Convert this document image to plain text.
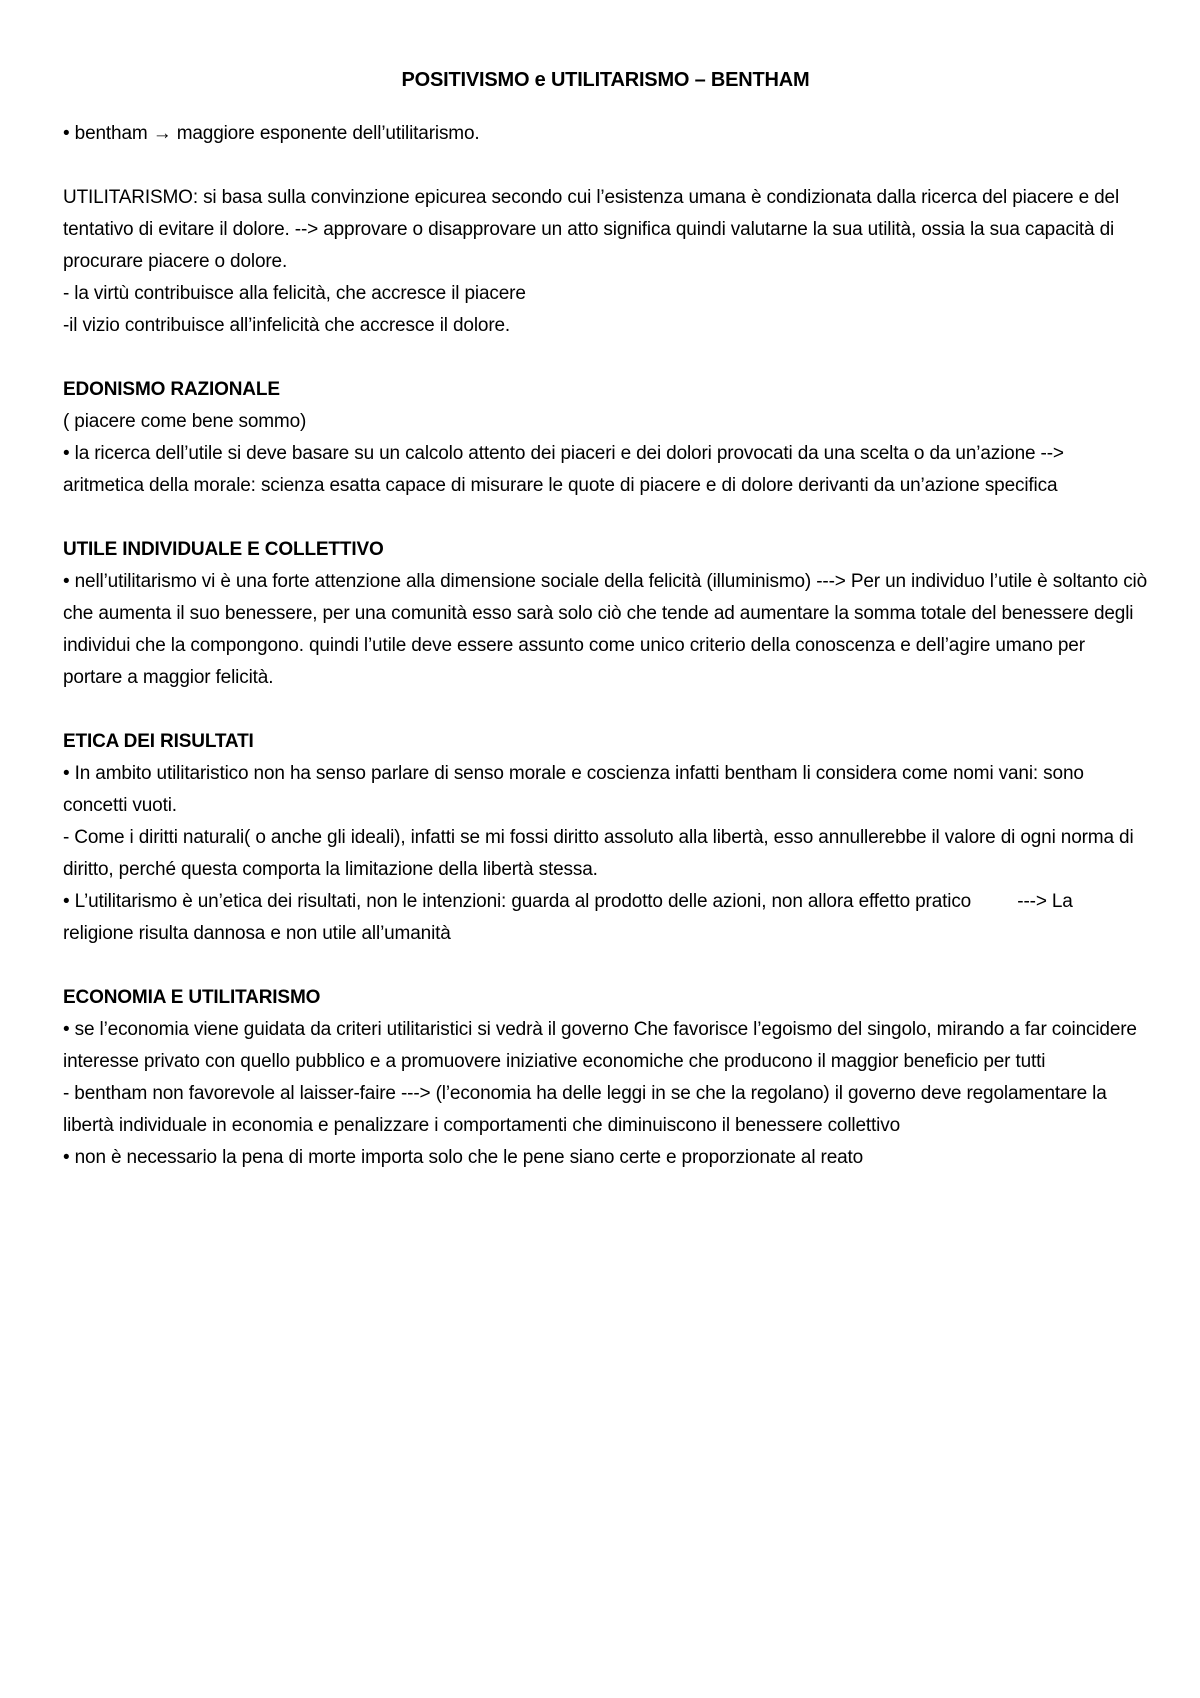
POSITIVISMO e UTILITARISMO – BENTHAM

• bentham → maggiore esponente dell’utilitarismo.

UTILITARISMO: si basa sulla convinzione epicurea secondo cui l’esistenza umana è condizionata dalla ricerca del piacere e del tentativo di evitare il dolore. --> approvare o disapprovare un atto significa quindi valutarne la sua utilità, ossia la sua capacità di procurare piacere o dolore.

- la virtù contribuisce alla felicità, che accresce il piacere

-il vizio contribuisce all’infelicità che accresce il dolore.

EDONISMO RAZIONALE

( piacere come bene sommo)

• la ricerca dell’utile si deve basare su un calcolo attento dei piaceri e dei dolori provocati da una scelta o da un’azione --> aritmetica della morale: scienza esatta capace di misurare le quote di piacere e di dolore derivanti da un’azione specifica

UTILE INDIVIDUALE E COLLETTIVO

• nell’utilitarismo vi è una forte attenzione alla dimensione sociale della felicità (illuminismo) ---> Per un individuo l’utile è soltanto ciò che aumenta il suo benessere, per una comunità esso sarà solo ciò che tende ad aumentare la somma totale del benessere degli individui che la compongono. quindi l’utile deve essere assunto come unico criterio della conoscenza e dell’agire umano per portare a maggior felicità.

ETICA DEI RISULTATI

• In ambito utilitaristico non ha senso parlare di senso morale e coscienza infatti bentham li considera come nomi vani: sono concetti vuoti.

- Come i diritti naturali( o anche gli ideali), infatti se mi fossi diritto assoluto alla libertà, esso annullerebbe il valore di ogni norma di diritto, perché questa comporta la limitazione della libertà stessa.

• L’utilitarismo è un’etica dei risultati, non le intenzioni: guarda al prodotto delle azioni, non allora effetto pratico ---> La religione risulta dannosa e non utile all’umanità

ECONOMIA E UTILITARISMO

• se l’economia viene guidata da criteri utilitaristici si vedrà il governo Che favorisce l’egoismo del singolo, mirando a far coincidere interesse privato con quello pubblico e a promuovere iniziative economiche che producono il maggior beneficio per tutti

- bentham non favorevole al laisser-faire ---> (l’economia ha delle leggi in se che la regolano) il governo deve regolamentare la libertà individuale in economia e penalizzare i comportamenti che diminuiscono il benessere collettivo

• non è necessario la pena di morte importa solo che le pene siano certe e proporzionate al reato
